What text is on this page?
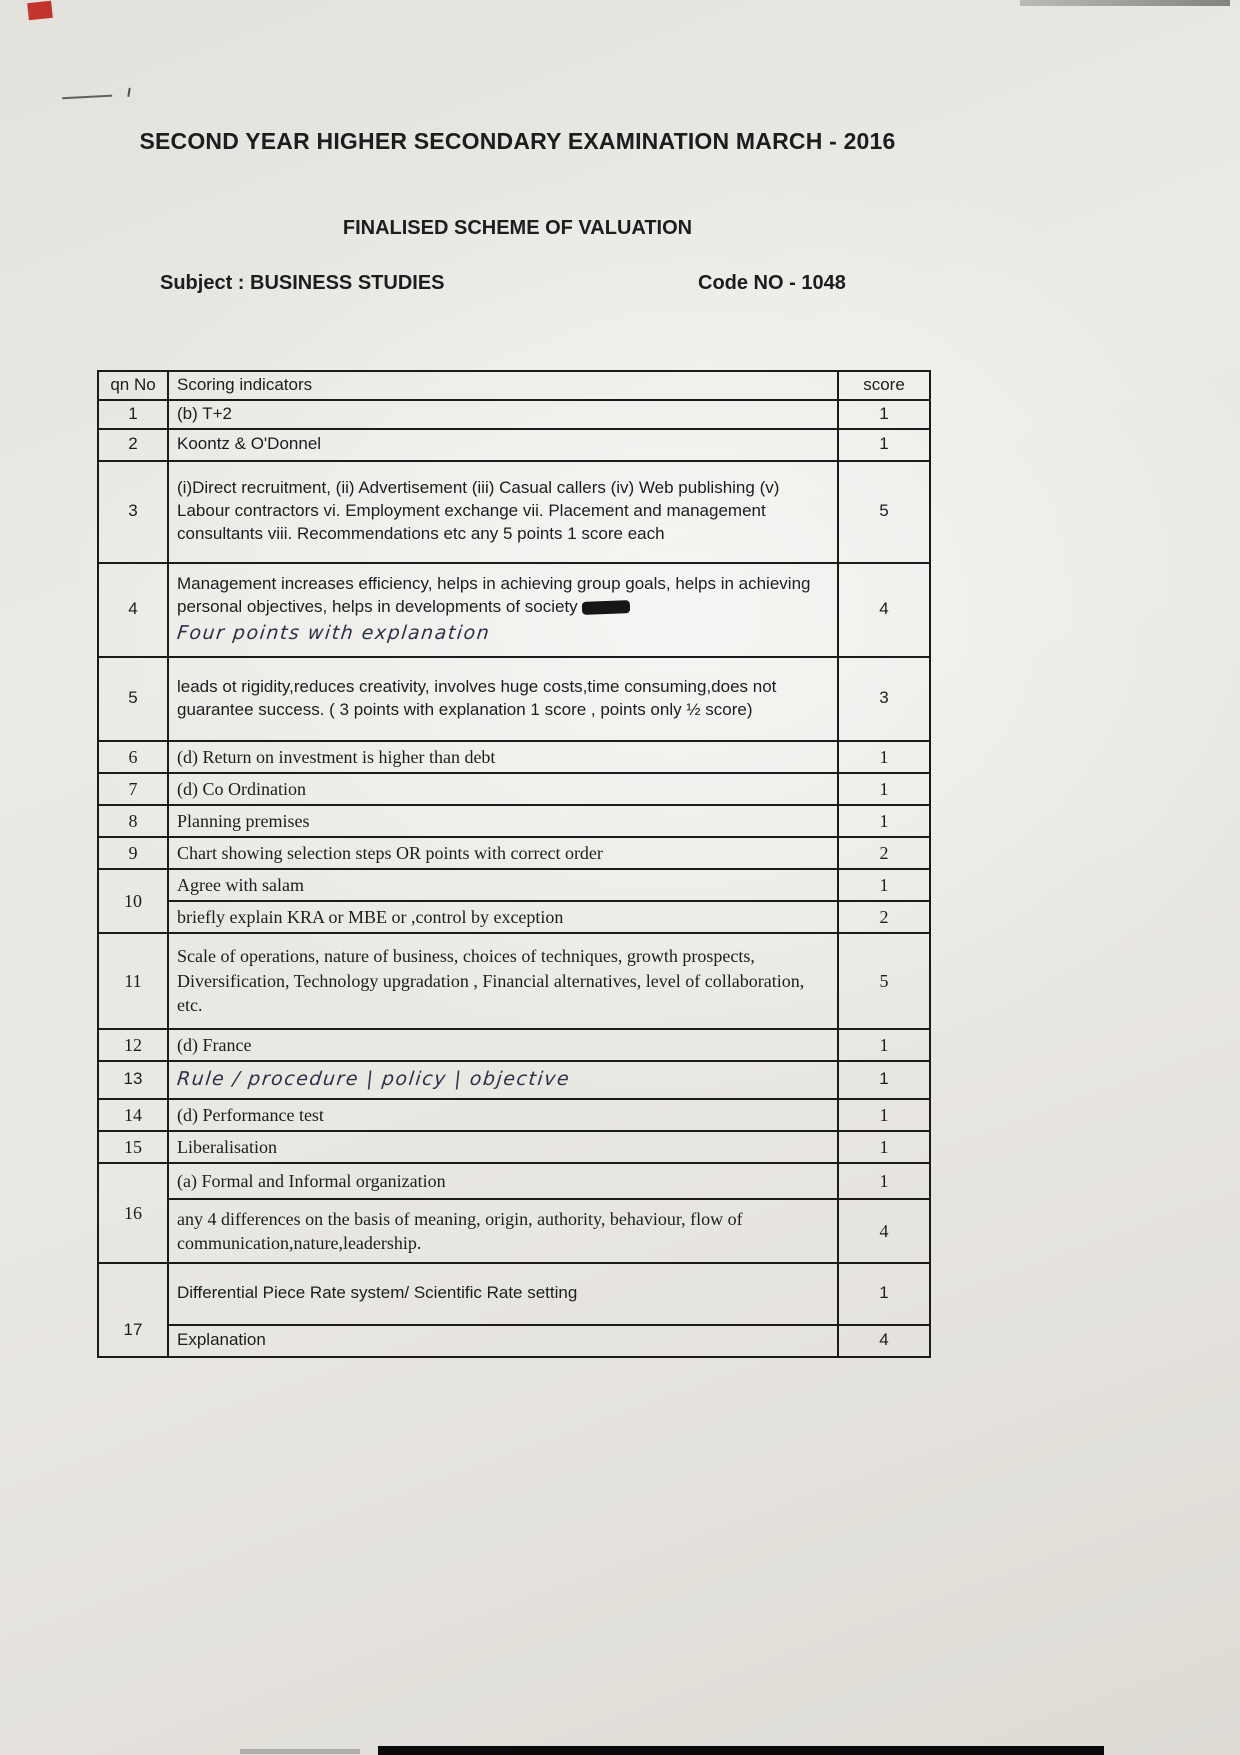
SECOND YEAR HIGHER SECONDARY EXAMINATION MARCH - 2016
FINALISED SCHEME OF VALUATION
Subject : BUSINESS STUDIES	Code NO - 1048
qn No	Scoring indicators	score
1	(b) T+2	1
2	Koontz & O'Donnel	1
3	(i)Direct recruitment, (ii) Advertisement (iii) Casual callers (iv) Web publishing (v) Labour contractors vi. Employment exchange vii. Placement and management consultants viii. Recommendations etc any 5 points 1 score each	5
4	Management increases efficiency, helps in achieving group goals, helps in achieving personal objectives, helps in developments of society Four points with explanation	4
5	leads ot rigidity,reduces creativity, involves huge costs,time consuming,does not guarantee success. ( 3 points with explanation 1 score , points only ½ score)	3
6	(d) Return on investment is higher than debt	1
7	(d) Co Ordination	1
8	Planning premises	1
9	Chart showing selection steps OR points with correct order	2
10	Agree with salam	1
	briefly explain KRA or MBE or ,control by exception	2
11	Scale of operations, nature of business, choices of techniques, growth prospects, Diversification, Technology upgradation , Financial alternatives, level of collaboration, etc.	5
12	(d) France	1
13	Rule / procedure | policy | objective	1
14	(d) Performance test	1
15	Liberalisation	1
16	(a) Formal and Informal organization	1
	any 4 differences on the basis of meaning, origin, authority, behaviour, flow of communication,nature,leadership.	4
17	Differential Piece Rate system/ Scientific Rate setting	1
	Explanation	4
